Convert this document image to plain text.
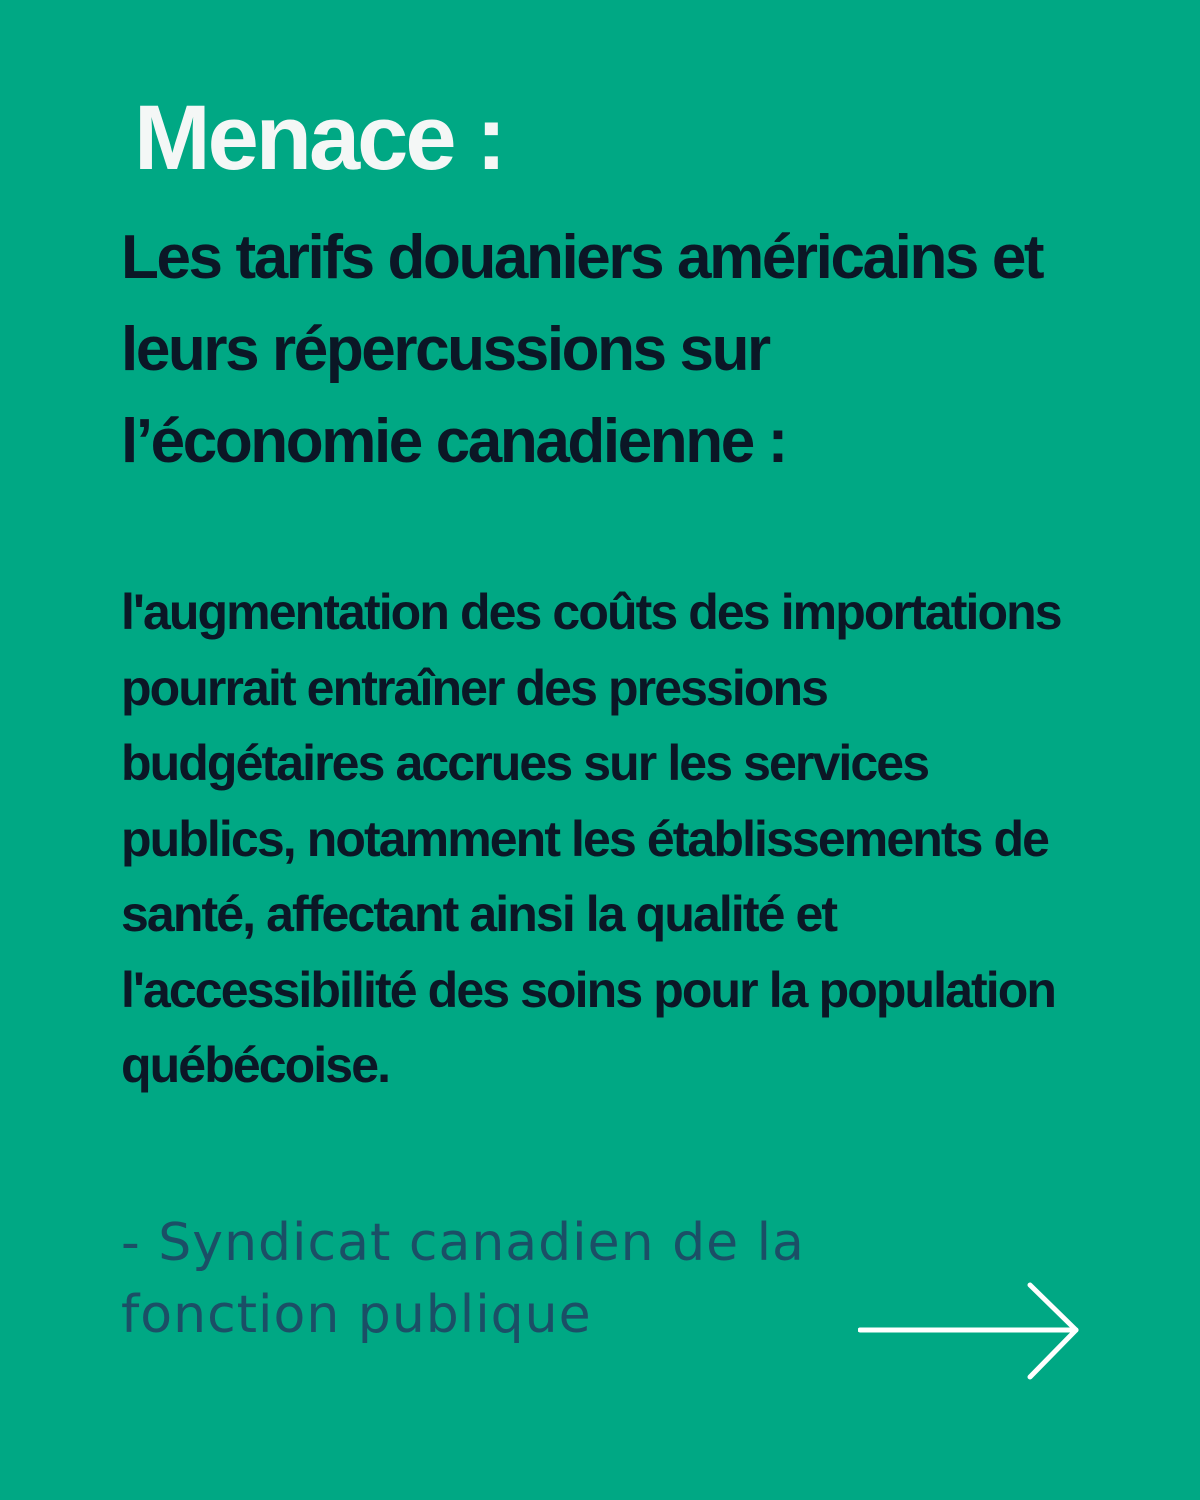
Menace :
Les tarifs douaniers américains et leurs répercussions sur l’économie canadienne :

l'augmentation des coûts des importations pourrait entraîner des pressions budgétaires accrues sur les services publics, notamment les établissements de santé, affectant ainsi la qualité et l'accessibilité des soins pour la population québécoise.

- Syndicat canadien de la fonction publique
